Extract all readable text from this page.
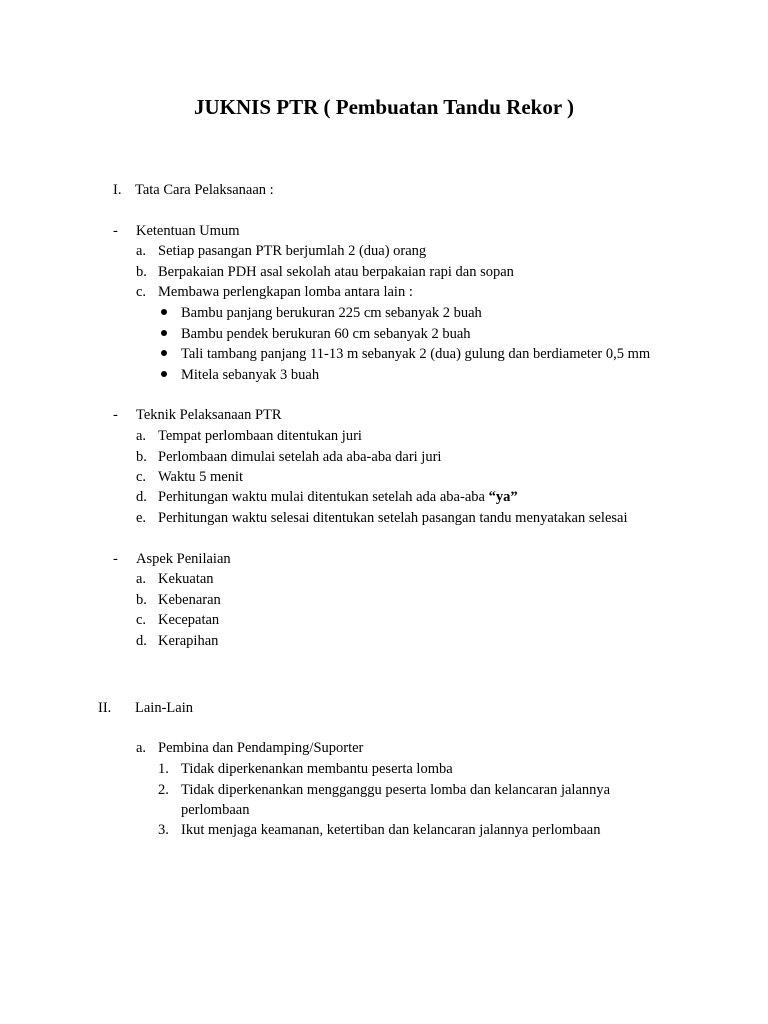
JUKNIS PTR ( Pembuatan Tandu Rekor )
I. Tata Cara Pelaksanaan :
- Ketentuan Umum
a. Setiap pasangan PTR berjumlah 2 (dua) orang
b. Berpakaian PDH asal sekolah atau berpakaian rapi dan sopan
c. Membawa perlengkapan lomba antara lain :
Bambu panjang berukuran 225 cm sebanyak 2 buah
Bambu pendek berukuran 60 cm sebanyak 2 buah
Tali tambang panjang 11-13 m sebanyak 2 (dua) gulung dan berdiameter 0,5 mm
Mitela sebanyak 3 buah
- Teknik Pelaksanaan PTR
a. Tempat perlombaan ditentukan juri
b. Perlombaan dimulai setelah ada aba-aba dari juri
c. Waktu 5 menit
d. Perhitungan waktu mulai ditentukan setelah ada aba-aba “ya”
e. Perhitungan waktu selesai ditentukan setelah pasangan tandu menyatakan selesai
- Aspek Penilaian
a. Kekuatan
b. Kebenaran
c. Kecepatan
d. Kerapihan
II. Lain-Lain
a. Pembina dan Pendamping/Suporter
1. Tidak diperkenankan membantu peserta lomba
2. Tidak diperkenankan mengganggu peserta lomba dan kelancaran jalannya
perlombaan
3. Ikut menjaga keamanan, ketertiban dan kelancaran jalannya perlombaan
